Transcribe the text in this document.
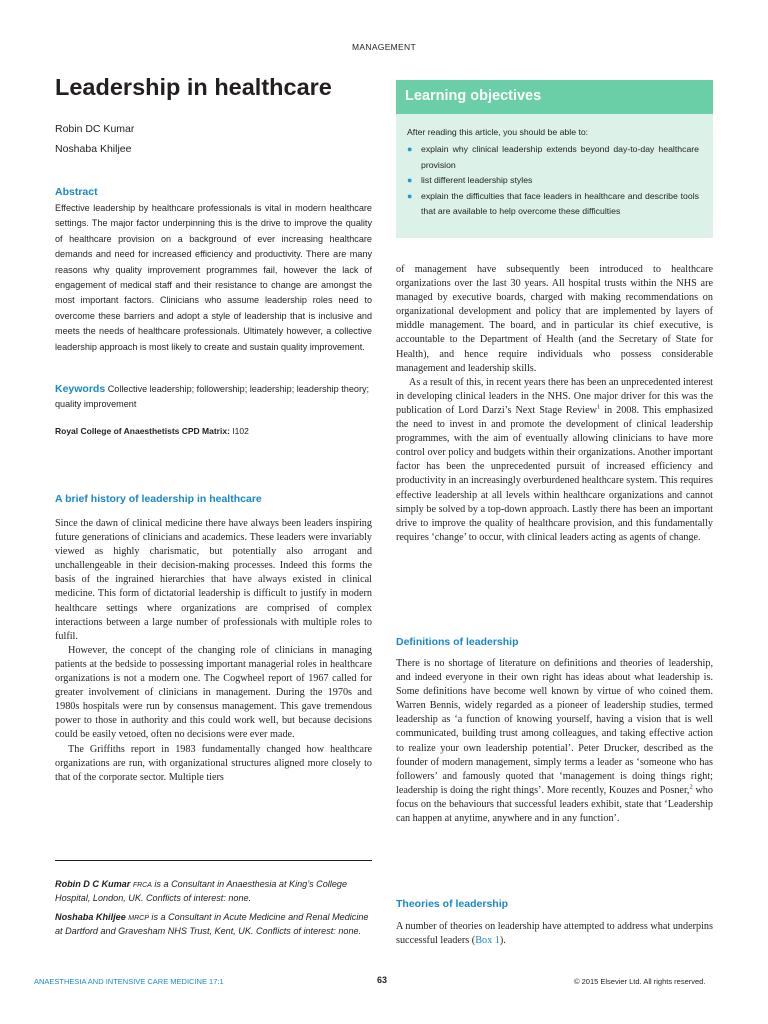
MANAGEMENT
Leadership in healthcare
Robin DC Kumar
Noshaba Khiljee
Learning objectives
After reading this article, you should be able to:
● explain why clinical leadership extends beyond day-to-day healthcare provision
● list different leadership styles
● explain the difficulties that face leaders in healthcare and describe tools that are available to help overcome these difficulties
Abstract
Effective leadership by healthcare professionals is vital in modern healthcare settings. The major factor underpinning this is the drive to improve the quality of healthcare provision on a background of ever increasing healthcare demands and need for increased efficiency and productivity. There are many reasons why quality improvement programmes fail, however the lack of engagement of medical staff and their resistance to change are amongst the most important factors. Clinicians who assume leadership roles need to overcome these barriers and adopt a style of leadership that is inclusive and meets the needs of healthcare professionals. Ultimately however, a collective leadership approach is most likely to create and sustain quality improvement.
Keywords Collective leadership; followership; leadership; leadership theory; quality improvement
Royal College of Anaesthetists CPD Matrix: I102
A brief history of leadership in healthcare

Since the dawn of clinical medicine there have always been leaders inspiring future generations of clinicians and academics. These leaders were invariably viewed as highly charismatic, but potentially also arrogant and unchallengeable in their decision-making processes. Indeed this forms the basis of the ingrained hierarchies that have always existed in clinical medicine. This form of dictatorial leadership is difficult to justify in modern healthcare settings where organizations are comprised of complex interactions between a large number of professionals with multiple roles to fulfil.

However, the concept of the changing role of clinicians in managing patients at the bedside to possessing important managerial roles in healthcare organizations is not a modern one. The Cogwheel report of 1967 called for greater involvement of clinicians in management. During the 1970s and 1980s hospitals were run by consensus management. This gave tremendous power to those in authority and this could work well, but because decisions could be easily vetoed, often no decisions were ever made.

The Griffiths report in 1983 fundamentally changed how healthcare organizations are run, with organizational structures aligned more closely to that of the corporate sector. Multiple tiers

Robin D C Kumar FRCA is a Consultant in Anaesthesia at King’s College Hospital, London, UK. Conflicts of interest: none.
Noshaba Khiljee MRCP is a Consultant in Acute Medicine and Renal Medicine at Dartford and Gravesham NHS Trust, Kent, UK. Conflicts of interest: none.

of management have subsequently been introduced to healthcare organizations over the last 30 years. All hospital trusts within the NHS are managed by executive boards, charged with making recommendations on organizational development and policy that are implemented by layers of middle management. The board, and in particular its chief executive, is accountable to the Department of Health (and the Secretary of State for Health), and hence require individuals who possess considerable management and leadership skills.

As a result of this, in recent years there has been an unprecedented interest in developing clinical leaders in the NHS. One major driver for this was the publication of Lord Darzi’s Next Stage Review$^1$ in 2008. This emphasized the need to invest in and promote the development of clinical leadership programmes, with the aim of eventually allowing clinicians to have more control over policy and budgets within their organizations. Another important factor has been the unprecedented pursuit of increased efficiency and productivity in an increasingly overburdened healthcare system. This requires effective leadership at all levels within healthcare organizations and cannot simply be solved by a top-down approach. Lastly there has been an important drive to improve the quality of healthcare provision, and this fundamentally requires ‘change’ to occur, with clinical leaders acting as agents of change.

Definitions of leadership

There is no shortage of literature on definitions and theories of leadership, and indeed everyone in their own right has ideas about what leadership is. Some definitions have become well known by virtue of who coined them. Warren Bennis, widely regarded as a pioneer of leadership studies, termed leadership as ‘a function of knowing yourself, having a vision that is well communicated, building trust among colleagues, and taking effective action to realize your own leadership potential’. Peter Drucker, described as the founder of modern management, simply terms a leader as ‘someone who has followers’ and famously quoted that ‘management is doing things right; leadership is doing the right things’. More recently, Kouzes and Posner,$^2$ who focus on the behaviours that successful leaders exhibit, state that ‘Leadership can happen at anytime, anywhere and in any function’.

Theories of leadership

A number of theories on leadership have attempted to address what underpins successful leaders (Box 1).

ANAESTHESIA AND INTENSIVE CARE MEDICINE 17:1	63	© 2015 Elsevier Ltd. All rights reserved.
